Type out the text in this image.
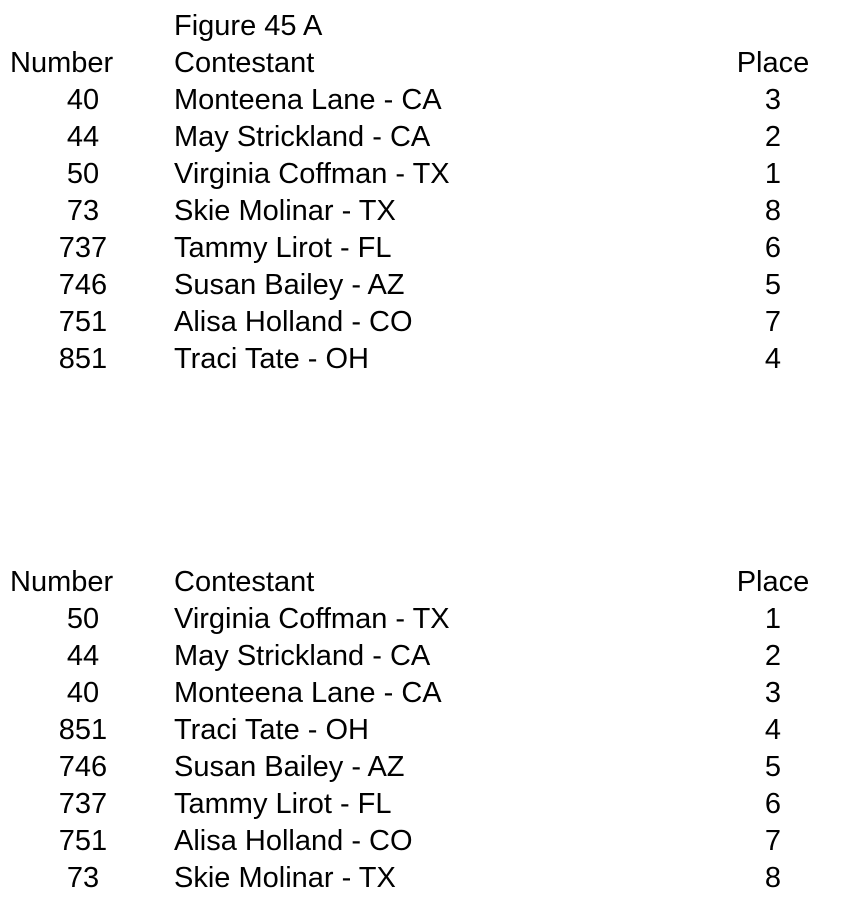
Figure 45 A
Number Contestant	Place
40	Monteena Lane - CA	3
44	May Strickland - CA	2
50	Virginia Coffman - TX	1
73	Skie Molinar - TX	8
737	Tammy Lirot - FL	6
746	Susan Bailey - AZ	5
751	Alisa Holland - CO	7
851	Traci Tate - OH	4
Number Contestant	Place
50	Virginia Coffman - TX	1
44	May Strickland - CA	2
40	Monteena Lane - CA	3
851	Traci Tate - OH	4
746	Susan Bailey - AZ	5
737	Tammy Lirot - FL	6
751	Alisa Holland - CO	7
73	Skie Molinar - TX	8
